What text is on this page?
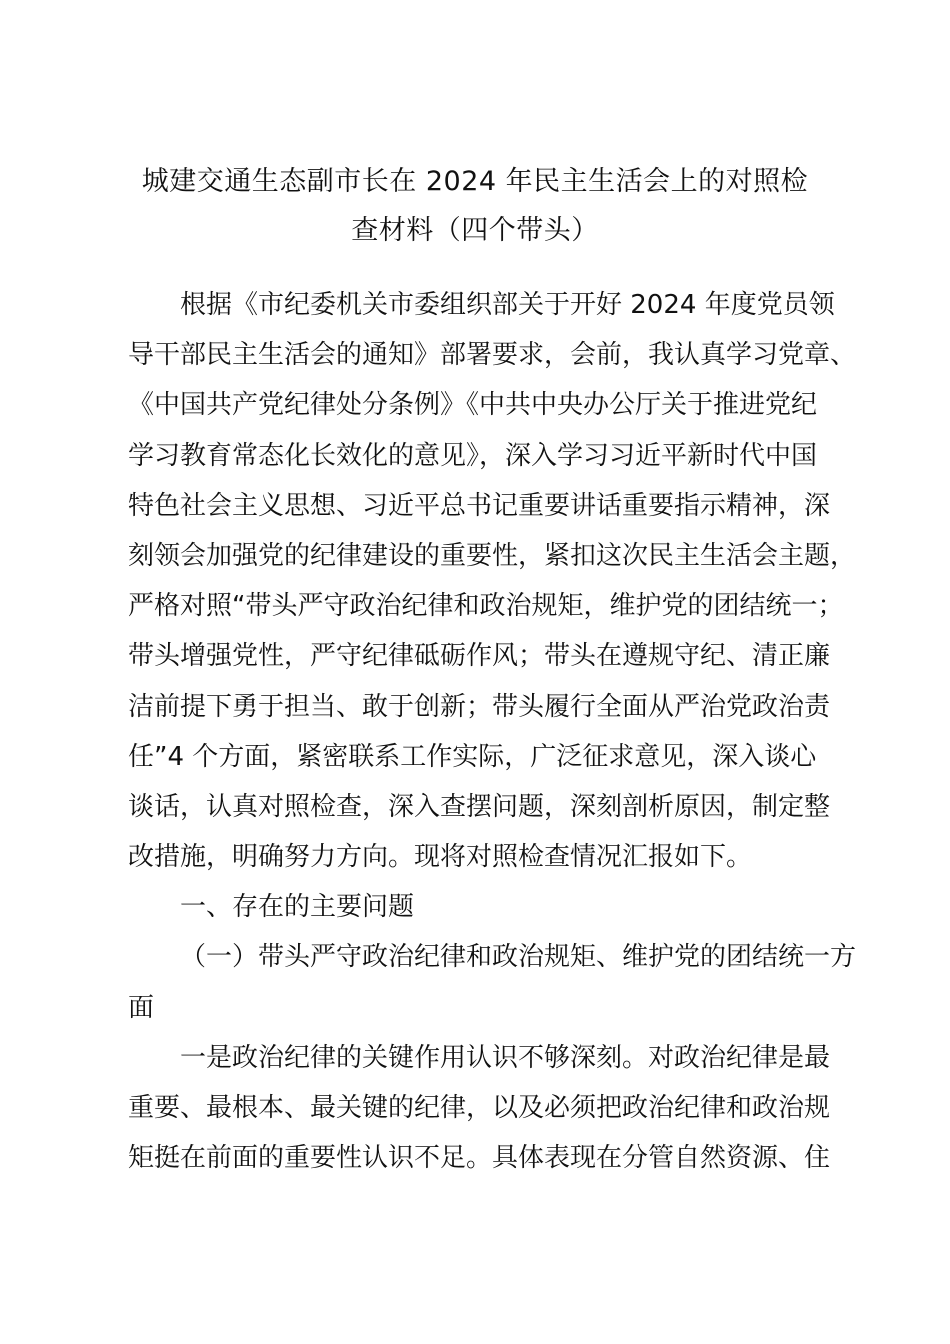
城建交通生态副市长在 2024 年民主生活会上的对照检
查材料（四个带头）
根据《市纪委机关市委组织部关于开好 2024 年度党员领
导干部民主生活会的通知》部署要求，会前，我认真学习党章、
《中国共产党纪律处分条例》《中共中央办公厅关于推进党纪
学习教育常态化长效化的意见》，深入学习习近平新时代中国
特色社会主义思想、习近平总书记重要讲话重要指示精神，深
刻领会加强党的纪律建设的重要性，紧扣这次民主生活会主题，
严格对照“带头严守政治纪律和政治规矩，维护党的团结统一；
带头增强党性，严守纪律砥砺作风；带头在遵规守纪、清正廉
洁前提下勇于担当、敢于创新；带头履行全面从严治党政治责
任”4 个方面，紧密联系工作实际，广泛征求意见，深入谈心
谈话，认真对照检查，深入查摆问题，深刻剖析原因，制定整
改措施，明确努力方向。现将对照检查情况汇报如下。
一、存在的主要问题
（一）带头严守政治纪律和政治规矩、维护党的团结统一方
面
一是政治纪律的关键作用认识不够深刻。对政治纪律是最
重要、最根本、最关键的纪律，以及必须把政治纪律和政治规
矩挺在前面的重要性认识不足。具体表现在分管自然资源、住
